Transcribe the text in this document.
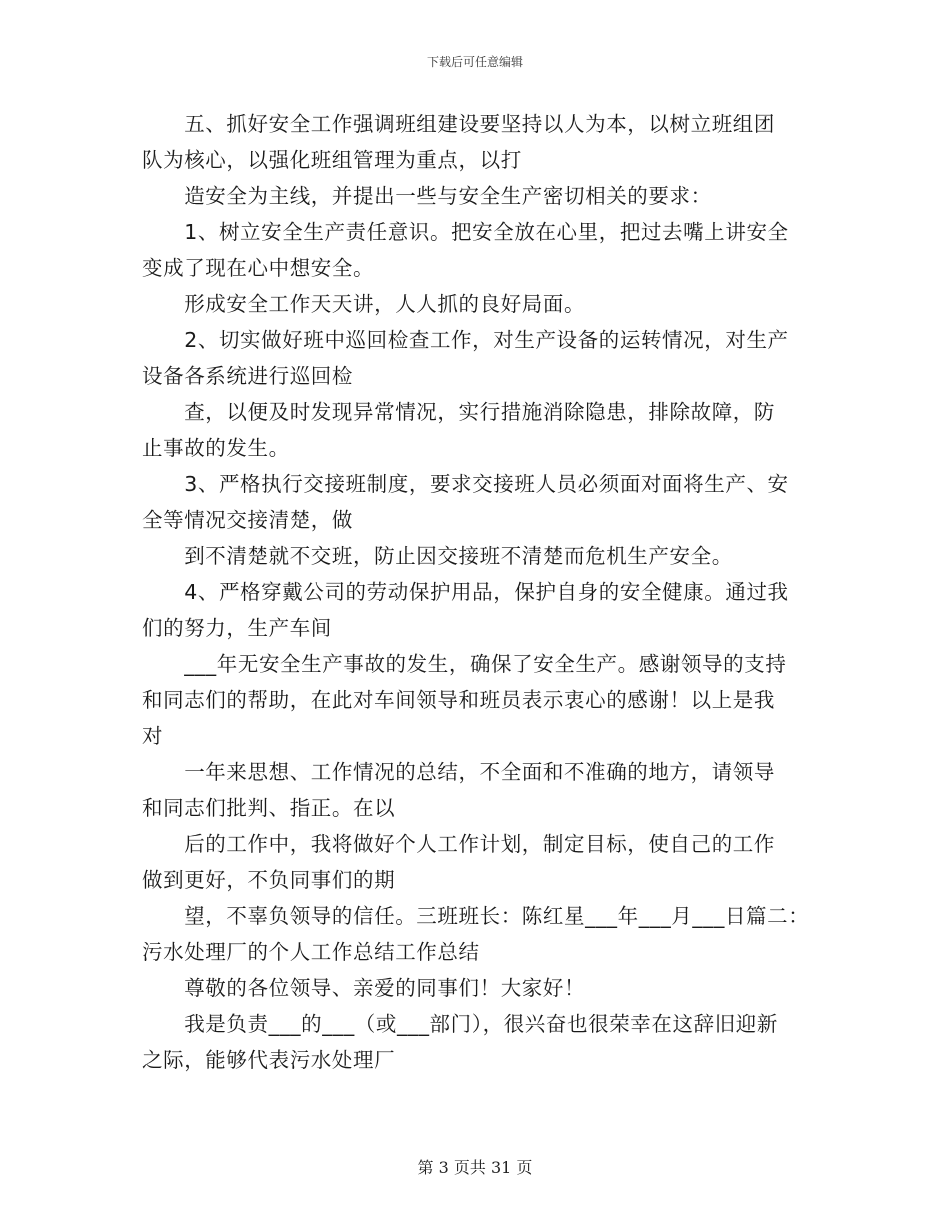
下载后可任意编辑
　　五、抓好安全工作强调班组建设要坚持以人为本，以树立班组团
队为核心，以强化班组管理为重点，以打
　　造安全为主线，并提出一些与安全生产密切相关的要求：
　　1、树立安全生产责任意识。把安全放在心里，把过去嘴上讲安全
变成了现在心中想安全。
　　形成安全工作天天讲，人人抓的良好局面。
　　2、切实做好班中巡回检查工作，对生产设备的运转情况，对生产
设备各系统进行巡回检
　　查，以便及时发现异常情况，实行措施消除隐患，排除故障，防
止事故的发生。
　　3、严格执行交接班制度，要求交接班人员必须面对面将生产、安
全等情况交接清楚，做
　　到不清楚就不交班，防止因交接班不清楚而危机生产安全。
　　4、严格穿戴公司的劳动保护用品，保护自身的安全健康。通过我
们的努力，生产车间
　　___年无安全生产事故的发生，确保了安全生产。感谢领导的支持
和同志们的帮助，在此对车间领导和班员表示衷心的感谢！以上是我
对
　　一年来思想、工作情况的总结，不全面和不准确的地方，请领导
和同志们批判、指正。在以
　　后的工作中，我将做好个人工作计划，制定目标，使自己的工作
做到更好，不负同事们的期
　　望，不辜负领导的信任。三班班长：陈红星___年___月___日篇二：
污水处理厂的个人工作总结工作总结
　　尊敬的各位领导、亲爱的同事们！大家好！
　　我是负责___的___（或___部门），很兴奋也很荣幸在这辞旧迎新
之际，能够代表污水处理厂
第 3 页共 31 页
